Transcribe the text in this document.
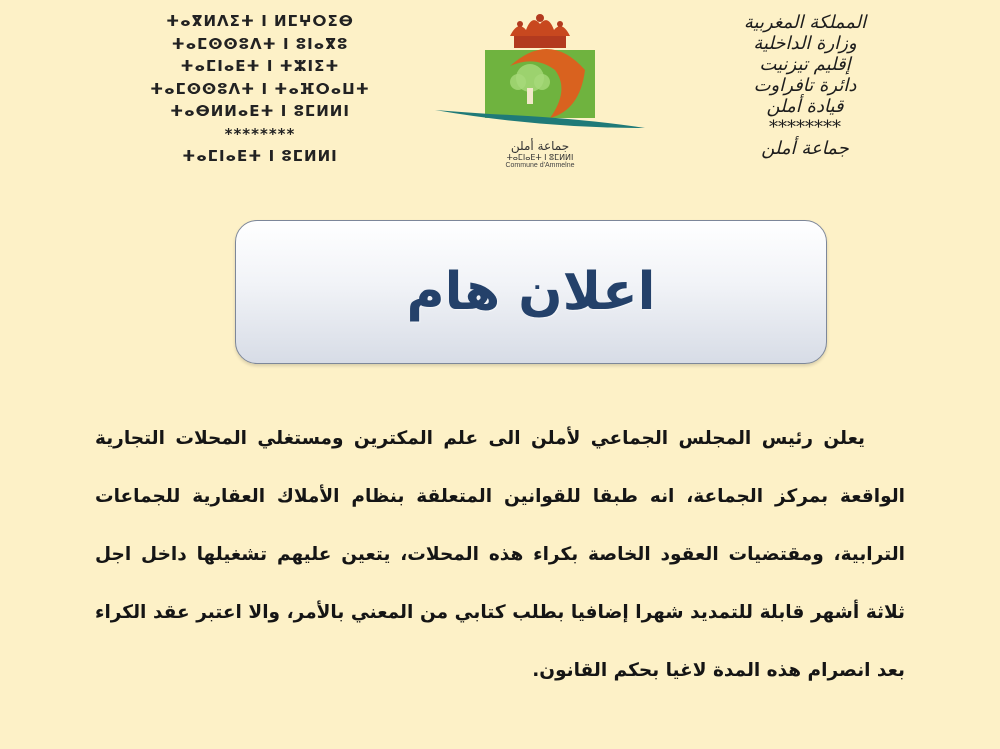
ⵜⴰⴳⵍⴷⵉⵜ ⵏ ⵍⵎⵖⵔⵉⴱ
ⵜⴰⵎⵙⵙⵓⴷⵜ ⵏ ⵓⵏⴰⴳⵓ
ⵜⴰⵎⵏⴰⴹⵜ ⵏ ⵜⵣⵏⵉⵜ
ⵜⴰⵎⵙⵙⵓⴷⵜ ⵏ ⵜⴰⴼⵔⴰⵡⵜ
ⵜⴰⴱⵍⵍⴰⴹⵜ ⵏ ⵓⵎⵍⵍⵏ
********
ⵜⴰⵎⵏⴰⴹⵜ ⵏ ⵓⵎⵍⵍⵏ
جماعة أملن
ⵜⴰⵎⵏⴰⴹⵜ ⵏ ⵓⵎⵍⵍⵏ
Commune d'Ammelne
المملكة المغربية
وزارة الداخلية
إقليم تيزنيت
دائرة تافراوت
قيادة أملن
********
جماعة أملن
اعلان هام
يعلن رئيس المجلس الجماعي لأملن الى علم المكترين ومستغلي المحلات التجارية الواقعة بمركز الجماعة، انه طبقا للقوانين المتعلقة بنظام الأملاك العقارية للجماعات الترابية، ومقتضيات العقود الخاصة بكراء هذه المحلات، يتعين عليهم تشغيلها داخل اجل ثلاثة أشهر قابلة للتمديد شهرا إضافيا بطلب كتابي من المعني بالأمر، والا اعتبر عقد الكراء بعد انصرام هذه المدة لاغيا بحكم القانون.
